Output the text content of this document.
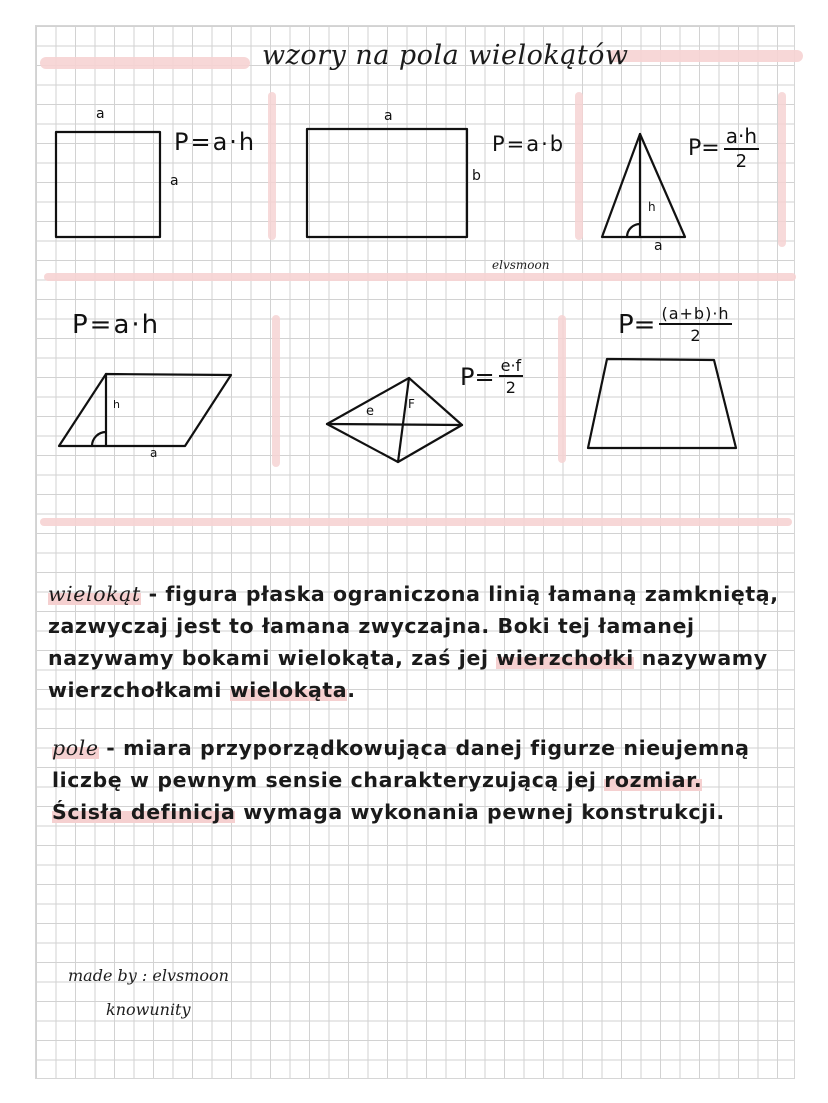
wzory na pola wielokątów
a
a
P=a·h
a
b
P=a·b
h
a
$P= \frac{a\cdot h}{2}$
elvsmoon
P=a·h
h
a
e	F
$P= \frac{e\cdot f}{2}$
$P= \frac{(a+b)\cdot h}{2}$

wielokąt - figura płaska ograniczona linią łamaną zamkniętą, zazwyczaj jest to łamana zwyczajna. Boki tej łamanej nazywamy bokami wielokąta, zaś jej wierzchołki nazywamy wierzchołkami wielokąta.

pole - miara przyporządkowująca danej figurze nieujemną liczbę w pewnym sensie charakteryzującą jej rozmiar. Ścisła definicja wymaga wykonania pewnej konstrukcji.

made by : elvsmoon
knowunity
